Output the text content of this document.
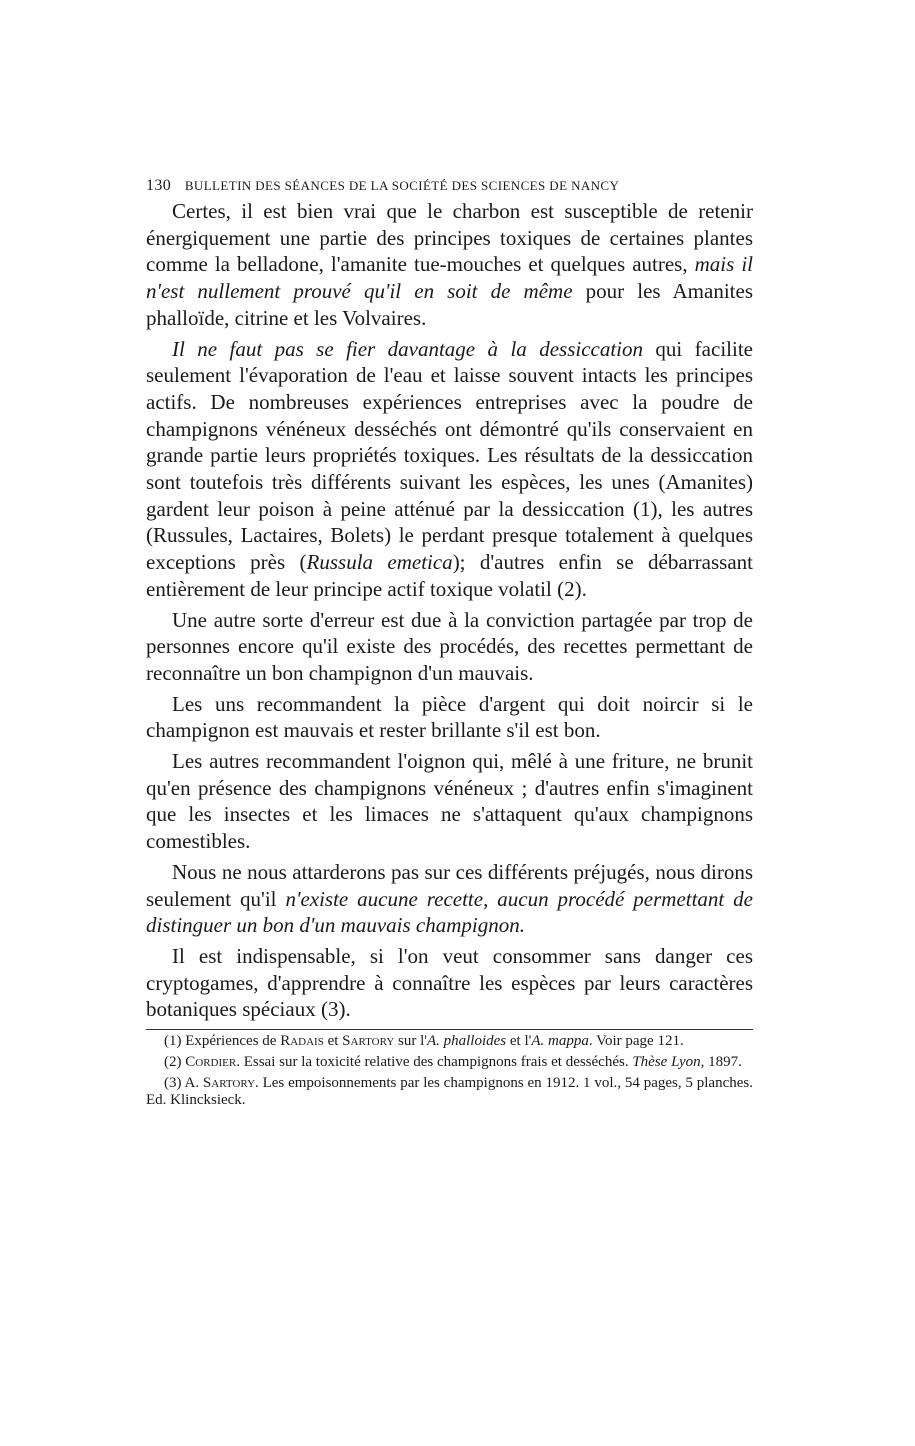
130 BULLETIN DES SÉANCES DE LA SOCIÉTÉ DES SCIENCES DE NANCY

Certes, il est bien vrai que le charbon est susceptible de retenir énergiquement une partie des principes toxiques de certaines plantes comme la belladone, l'amanite tue-mouches et quelques autres, mais il n'est nullement prouvé qu'il en soit de même pour les Amanites phalloïde, citrine et les Volvaires.

Il ne faut pas se fier davantage à la dessiccation qui facilite seulement l'évaporation de l'eau et laisse souvent intacts les principes actifs. De nombreuses expériences entreprises avec la poudre de champignons vénéneux desséchés ont démontré qu'ils conservaient en grande partie leurs propriétés toxiques. Les résultats de la dessiccation sont toutefois très différents suivant les espèces, les unes (Amanites) gardent leur poison à peine atténué par la dessiccation (1), les autres (Russules, Lactaires, Bolets) le perdant presque totalement à quelques exceptions près (Russula emetica); d'autres enfin se débarrassant entièrement de leur principe actif toxique volatil (2).

Une autre sorte d'erreur est due à la conviction partagée par trop de personnes encore qu'il existe des procédés, des recettes permettant de reconnaître un bon champignon d'un mauvais.

Les uns recommandent la pièce d'argent qui doit noircir si le champignon est mauvais et rester brillante s'il est bon.

Les autres recommandent l'oignon qui, mêlé à une friture, ne brunit qu'en présence des champignons vénéneux ; d'autres enfin s'imaginent que les insectes et les limaces ne s'attaquent qu'aux champignons comestibles.

Nous ne nous attarderons pas sur ces différents préjugés, nous dirons seulement qu'il n'existe aucune recette, aucun procédé permettant de distinguer un bon d'un mauvais champignon.

Il est indispensable, si l'on veut consommer sans danger ces cryptogames, d'apprendre à connaître les espèces par leurs caractères botaniques spéciaux (3).

(1) Expériences de Radais et Sartory sur l'A. phalloides et l'A. mappa. Voir page 121.

(2) Cordier. Essai sur la toxicité relative des champignons frais et desséchés. Thèse Lyon, 1897.

(3) A. Sartory. Les empoisonnements par les champignons en 1912. 1 vol., 54 pages, 5 planches. Ed. Klincksieck.
